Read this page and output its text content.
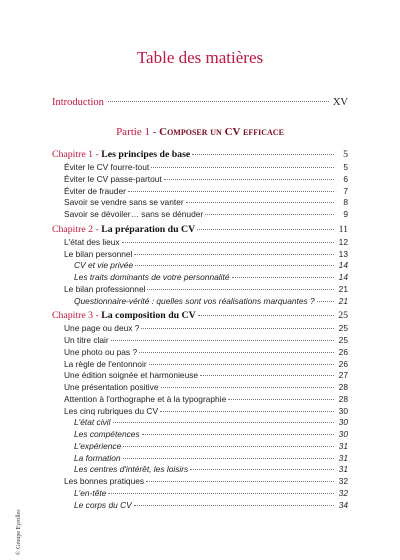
Table des matières
Introduction	XV
Partie 1 - Composer un CV efficace
Chapitre 1 - Les principes de base	5
Éviter le CV fourre-tout	5
Éviter le CV passe-partout	6
Éviter de frauder	7
Savoir se vendre sans se vanter	8
Savoir se dévoiler… sans se dénuder	9
Chapitre 2 - La préparation du CV	11
L'état des lieux	12
Le bilan personnel	13
CV et vie privée	14
Les traits dominants de votre personnalité	14
Le bilan professionnel	21
Questionnaire-vérité : quelles sont vos réalisations marquantes ?	21
Chapitre 3 - La composition du CV	25
Une page ou deux ?	25
Un titre clair	25
Une photo ou pas ?	26
La règle de l'entonnoir	26
Une édition soignée et harmonieuse	27
Une présentation positive	28
Attention à l'orthographe et à la typographie	28
Les cinq rubriques du CV	30
L'état civil	30
Les compétences	30
L'expérience	31
La formation	31
Les centres d'intérêt, les loisirs	31
Les bonnes pratiques	32
L'en-tête	32
Le corps du CV	34
© Groupe Eyrolles
